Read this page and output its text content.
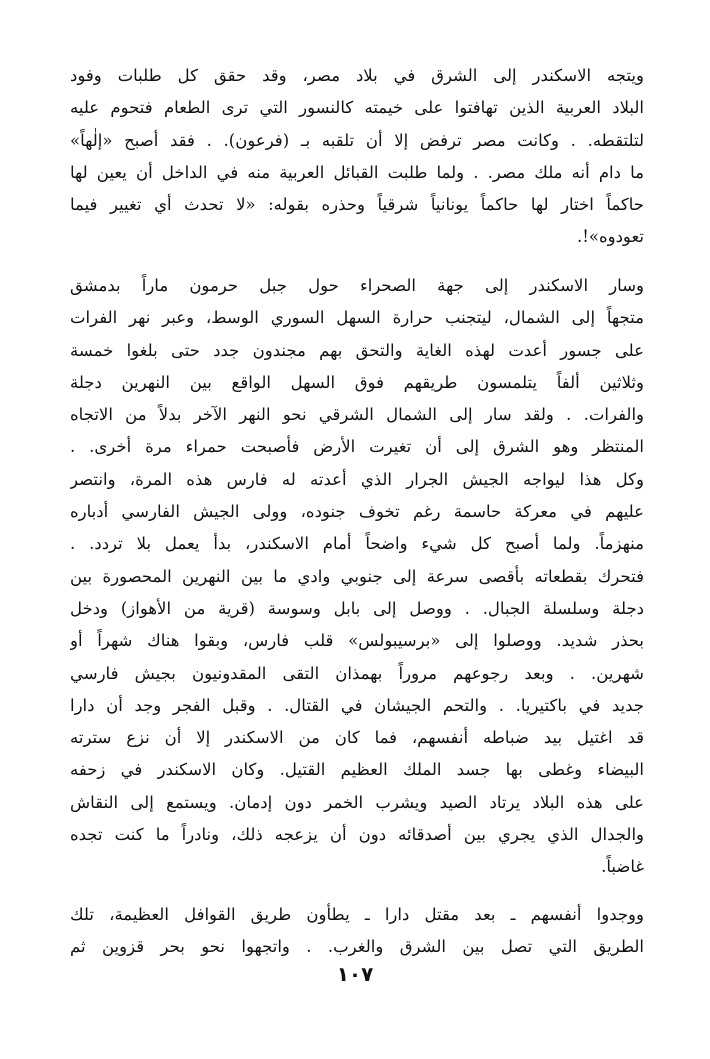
ويتجه الاسكندر إلى الشرق في بلاد مصر، وقد حقق كل طلبات وفود
البلاد العربية الذين تهافتوا على خيمته كالنسور التي ترى الطعام فتحوم عليه
لتلتقطه. . وكانت مصر ترفض إلا أن تلقبه بـ (فرعون). . فقد أصبح «إلٰهاً»
ما دام أنه ملك مصر. . ولما طلبت القبائل العربية منه في الداخل أن يعين لها
حاكماً اختار لها حاكماً يونانياً شرقياً وحذره بقوله: «لا تحدث أي تغيير فيما
تعودوه»!.
وسار الاسكندر إلى جهة الصحراء حول جبل حرمون ماراً بدمشق
متجهاً إلى الشمال، ليتجنب حرارة السهل السوري الوسط، وعبر نهر الفرات
على جسور أعدت لهذه الغاية والتحق بهم مجندون جدد حتى بلغوا خمسة
وثلاثين ألفاً يتلمسون طريقهم فوق السهل الواقع بين النهرين دجلة
والفرات. . ولقد سار إلى الشمال الشرقي نحو النهر الآخر بدلاً من الاتجاه
المنتظر وهو الشرق إلى أن تغيرت الأرض فأصبحت حمراء مرة أخرى. .
وكل هذا ليواجه الجيش الجرار الذي أعدته له فارس هذه المرة، وانتصر
عليهم في معركة حاسمة رغم تخوف جنوده، وولى الجيش الفارسي أدباره
منهزماً. ولما أصبح كل شيء واضحاً أمام الاسكندر، بدأ يعمل بلا تردد. .
فتحرك بقطعاته بأقصى سرعة إلى جنوبي وادي ما بين النهرين المحصورة بين
دجلة وسلسلة الجبال. . ووصل إلى بابل وسوسة (قرية من الأهواز) ودخل
بحذر شديد. ووصلوا إلى «برسيبولس» قلب فارس، وبقوا هناك شهراً أو
شهرين. . وبعد رجوعهم مروراً بهمذان التقى المقدونيون بجيش فارسي
جديد في باكتيريا. . والتحم الجيشان في القتال. . وقبل الفجر وجد أن دارا
قد اغتيل بيد ضباطه أنفسهم، فما كان من الاسكندر إلا أن نزع سترته
البيضاء وغطى بها جسد الملك العظيم القتيل. وكان الاسكندر في زحفه
على هذه البلاد يرتاد الصيد ويشرب الخمر دون إدمان. ويستمع إلى النقاش
والجدال الذي يجري بين أصدقائه دون أن يزعجه ذلك، ونادراً ما كنت تجده
غاضباً.
ووجدوا أنفسهم ـ بعد مقتل دارا ـ يطأون طريق القوافل العظيمة، تلك
الطريق التي تصل بين الشرق والغرب. . واتجهوا نحو بحر قزوين ثم
١٠٧
